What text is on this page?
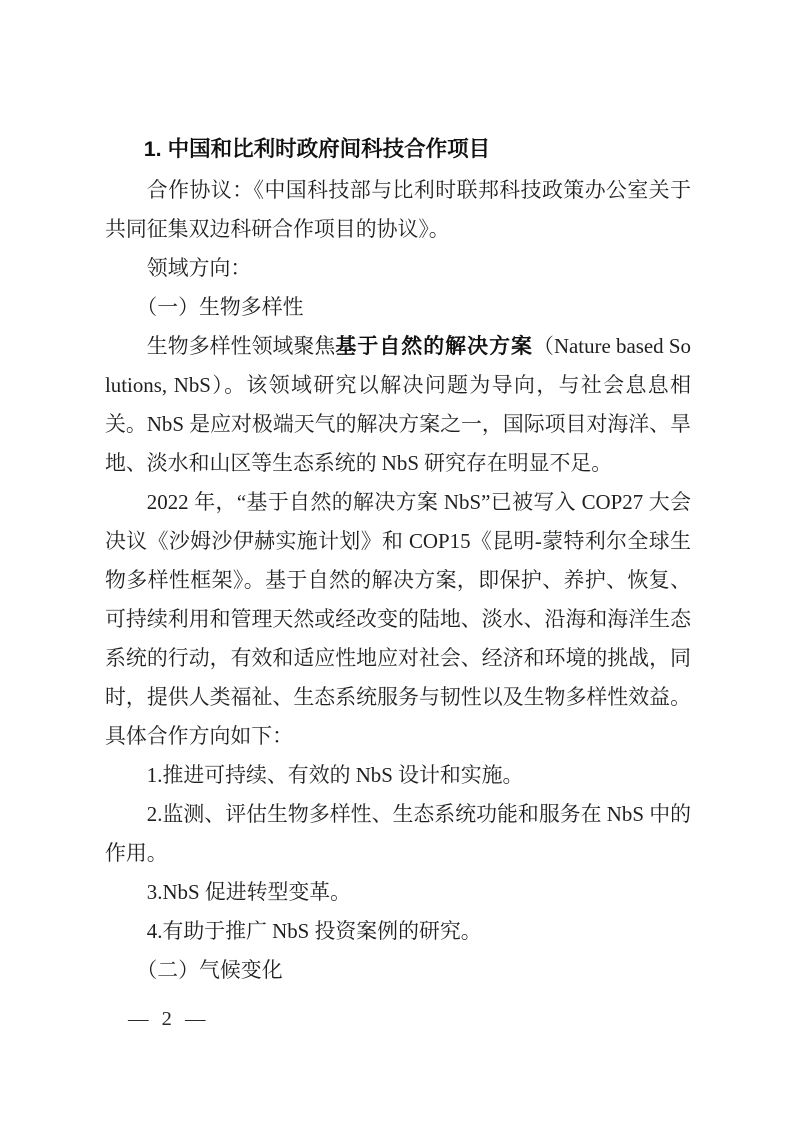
1. 中国和比利时政府间科技合作项目

合作协议：《中国科技部与比利时联邦科技政策办公室关于共同征集双边科研合作项目的协议》。

领域方向：

（一）生物多样性

生物多样性领域聚焦基于自然的解决方案（Nature based Solutions, NbS）。该领域研究以解决问题为导向，与社会息息相关。NbS 是应对极端天气的解决方案之一，国际项目对海洋、旱地、淡水和山区等生态系统的 NbS 研究存在明显不足。

2022 年，“基于自然的解决方案 NbS”已被写入 COP27 大会决议《沙姆沙伊赫实施计划》和 COP15《昆明-蒙特利尔全球生物多样性框架》。基于自然的解决方案，即保护、养护、恢复、可持续利用和管理天然或经改变的陆地、淡水、沿海和海洋生态系统的行动，有效和适应性地应对社会、经济和环境的挑战，同时，提供人类福祉、生态系统服务与韧性以及生物多样性效益。具体合作方向如下：

1.推进可持续、有效的 NbS 设计和实施。

2.监测、评估生物多样性、生态系统功能和服务在 NbS 中的作用。

3.NbS 促进转型变革。

4.有助于推广 NbS 投资案例的研究。

（二）气候变化

— 2 —
